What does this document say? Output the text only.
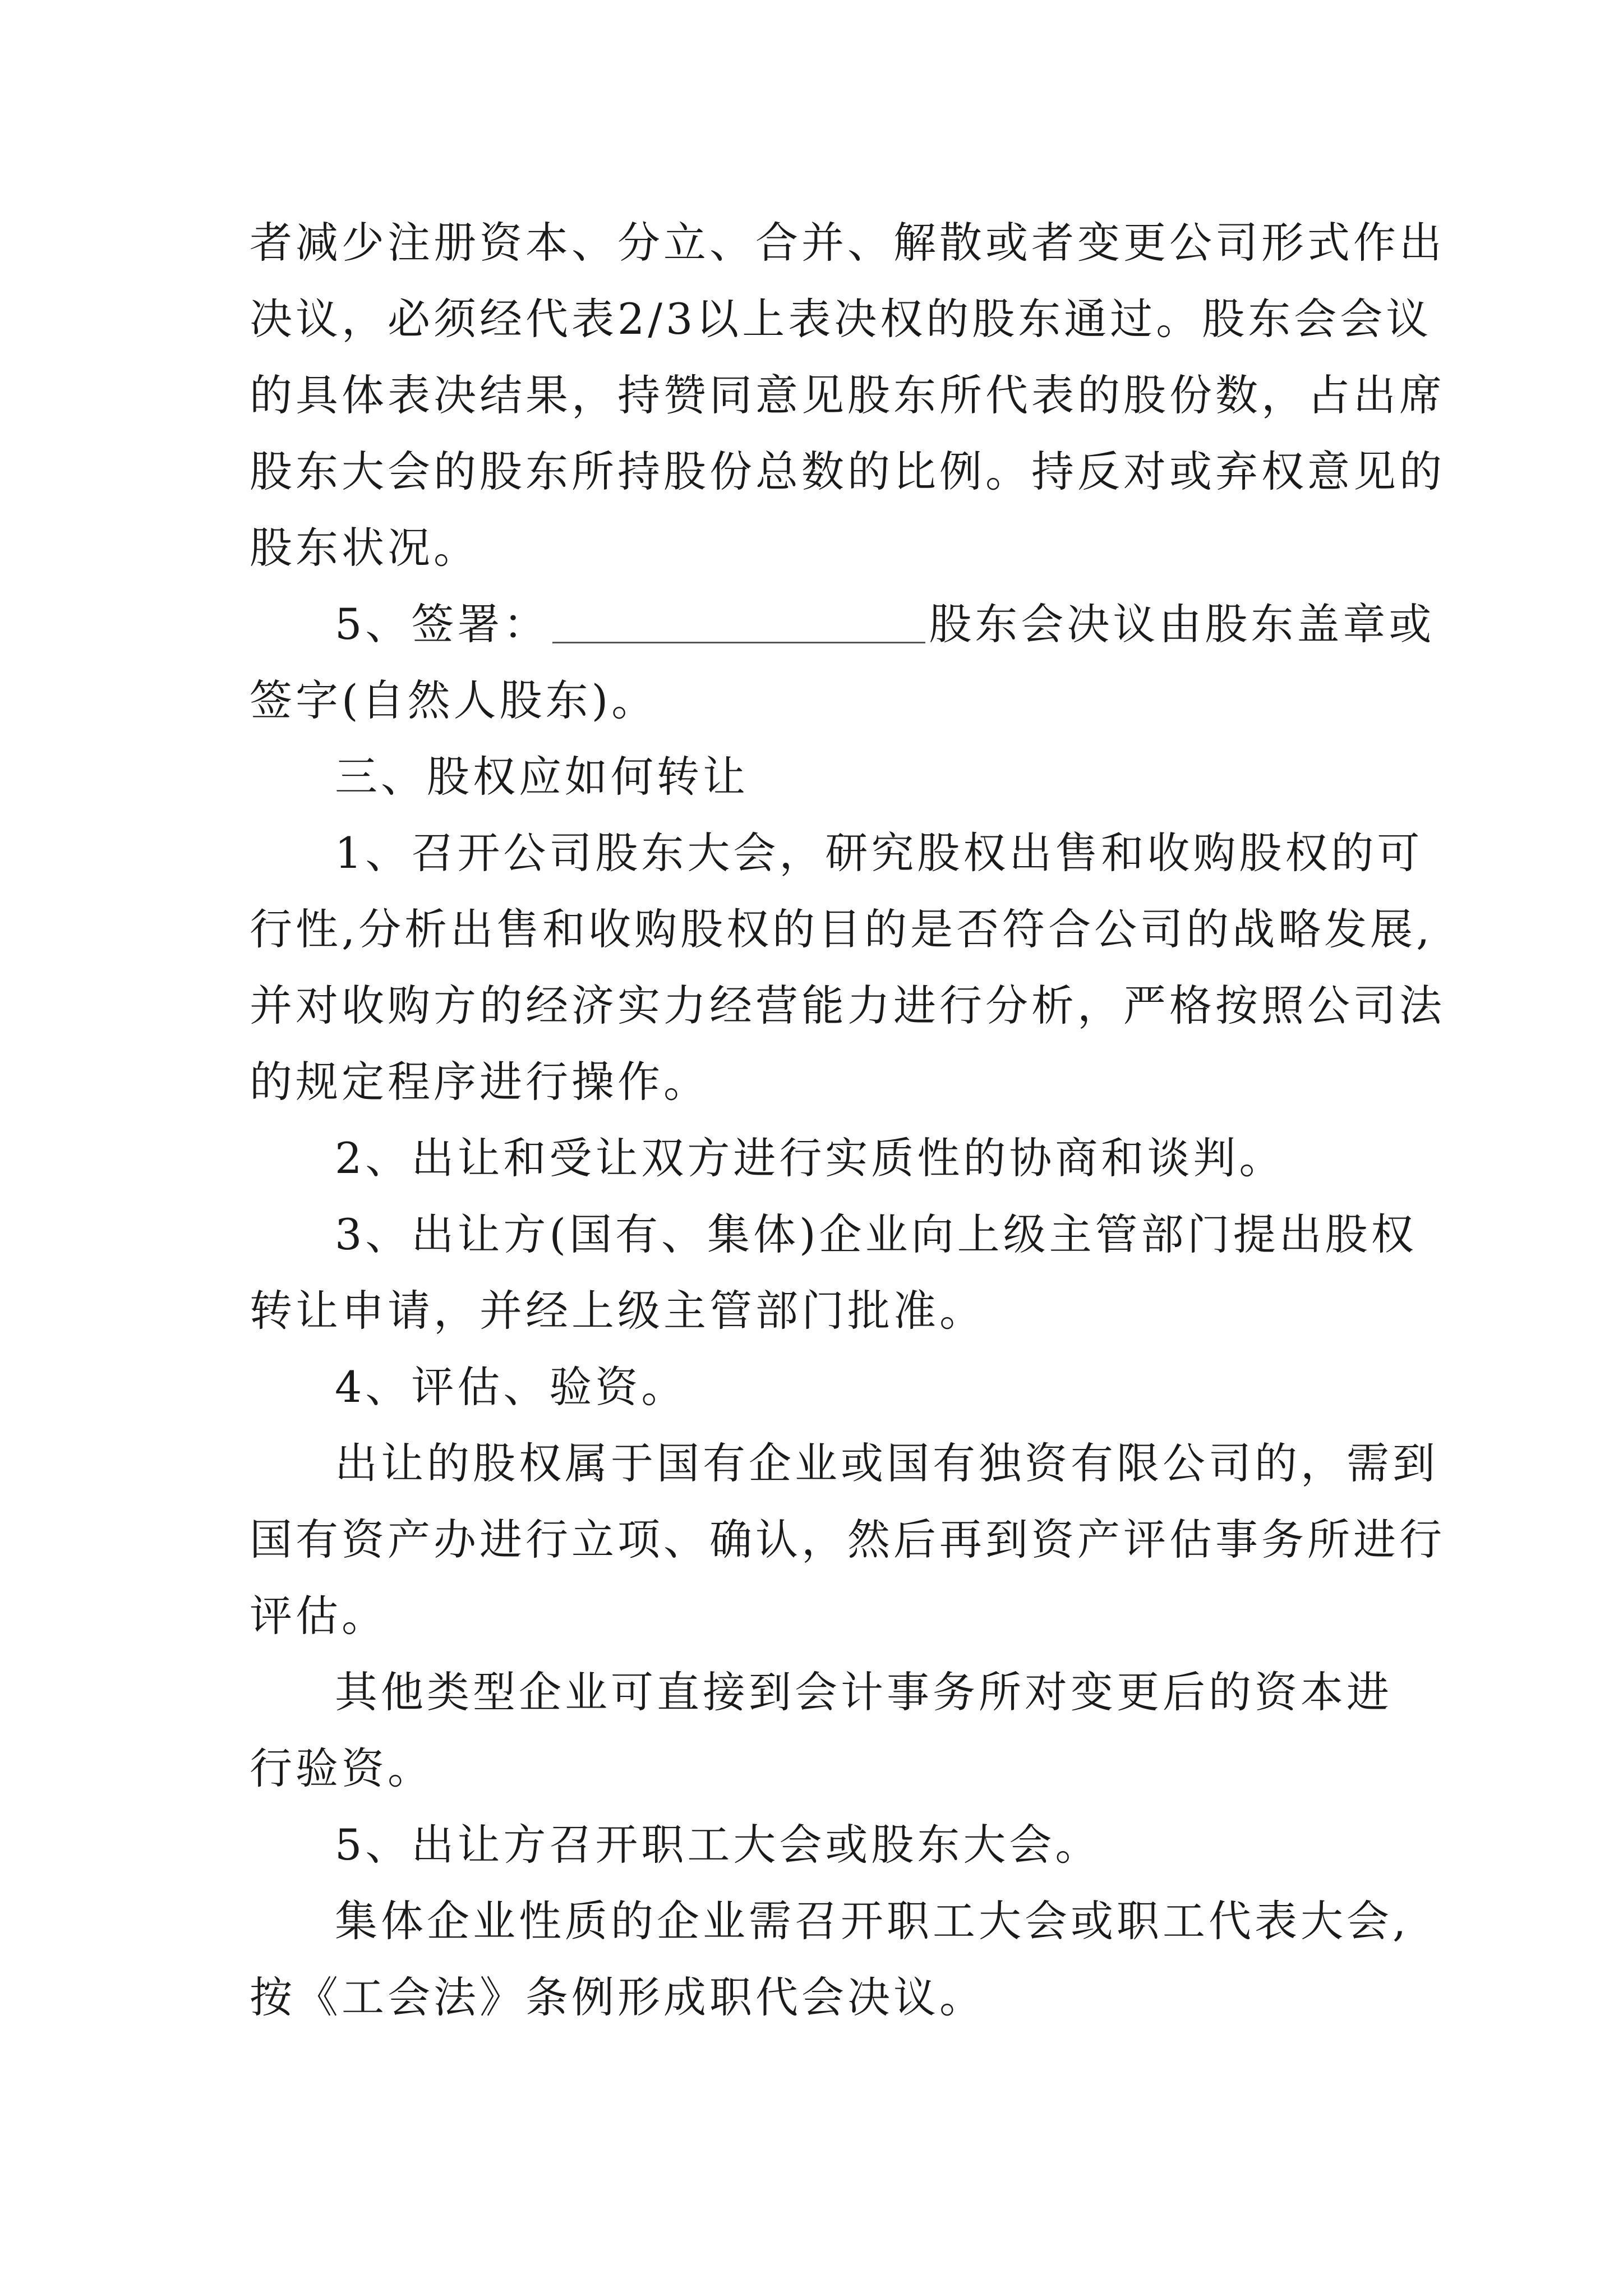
者减少注册资本、分立、合并、解散或者变更公司形式作出
决议，必须经代表2/3以上表决权的股东通过。股东会会议
的具体表决结果，持赞同意见股东所代表的股份数，占出席
股东大会的股东所持股份总数的比例。持反对或弃权意见的
股东状况。
5、签署：	股东会决议由股东盖章或
签字(自然人股东)。
三、股权应如何转让
1、召开公司股东大会，研究股权出售和收购股权的可
行性,分析出售和收购股权的目的是否符合公司的战略发展,
并对收购方的经济实力经营能力进行分析，严格按照公司法
的规定程序进行操作。
2、出让和受让双方进行实质性的协商和谈判。
3、出让方(国有、集体)企业向上级主管部门提出股权
转让申请，并经上级主管部门批准。
4、评估、验资。
出让的股权属于国有企业或国有独资有限公司的，需到
国有资产办进行立项、确认，然后再到资产评估事务所进行
评估。
其他类型企业可直接到会计事务所对变更后的资本进
行验资。
5、出让方召开职工大会或股东大会。
集体企业性质的企业需召开职工大会或职工代表大会,
按《工会法》条例形成职代会决议。
